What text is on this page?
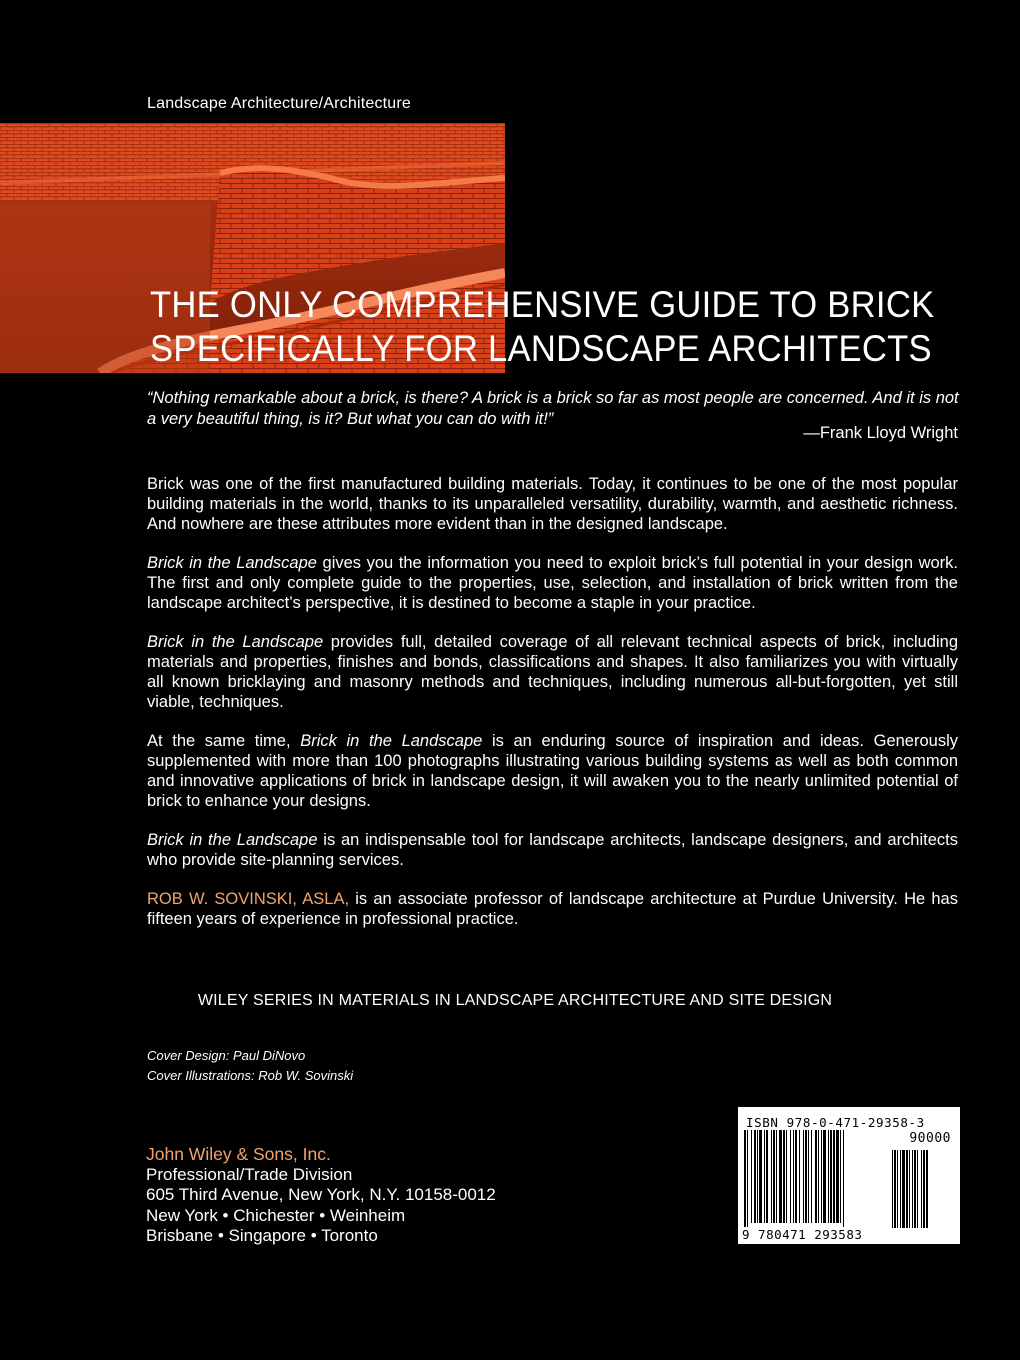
Landscape Architecture/Architecture
THE ONLY COMPREHENSIVE GUIDE TO BRICK
SPECIFICALLY FOR LANDSCAPE ARCHITECTS
“Nothing remarkable about a brick, is there? A brick is a brick so far as most people are concerned. And it is not a very beautiful thing, is it? But what you can do with it!”
—Frank Lloyd Wright

Brick was one of the first manufactured building materials. Today, it continues to be one of the most popular building materials in the world, thanks to its unparalleled versatility, durability, warmth, and aesthetic richness. And nowhere are these attributes more evident than in the designed landscape.

Brick in the Landscape gives you the information you need to exploit brick’s full potential in your design work. The first and only complete guide to the properties, use, selection, and installation of brick written from the landscape architect’s perspective, it is destined to become a staple in your practice.

Brick in the Landscape provides full, detailed coverage of all relevant technical aspects of brick, including materials and properties, finishes and bonds, classifications and shapes. It also familiarizes you with virtually all known bricklaying and masonry methods and techniques, including numerous all-but-forgotten, yet still viable, techniques.

At the same time, Brick in the Landscape is an enduring source of inspiration and ideas. Generously supplemented with more than 100 photographs illustrating various building systems as well as both common and innovative applications of brick in landscape design, it will awaken you to the nearly unlimited potential of brick to enhance your designs.

Brick in the Landscape is an indispensable tool for landscape architects, landscape designers, and architects who provide site-planning services.

ROB W. SOVINSKI, ASLA, is an associate professor of landscape architecture at Purdue University. He has fifteen years of experience in professional practice.

WILEY SERIES IN MATERIALS IN LANDSCAPE ARCHITECTURE AND SITE DESIGN
Cover Design: Paul DiNovo
Cover Illustrations: Rob W. Sovinski
John Wiley & Sons, Inc.
Professional/Trade Division
605 Third Avenue, New York, N.Y. 10158-0012
New York • Chichester • Weinheim
Brisbane • Singapore • Toronto
ISBN 978-0-471-29358-3
90000
9 780471 293583
